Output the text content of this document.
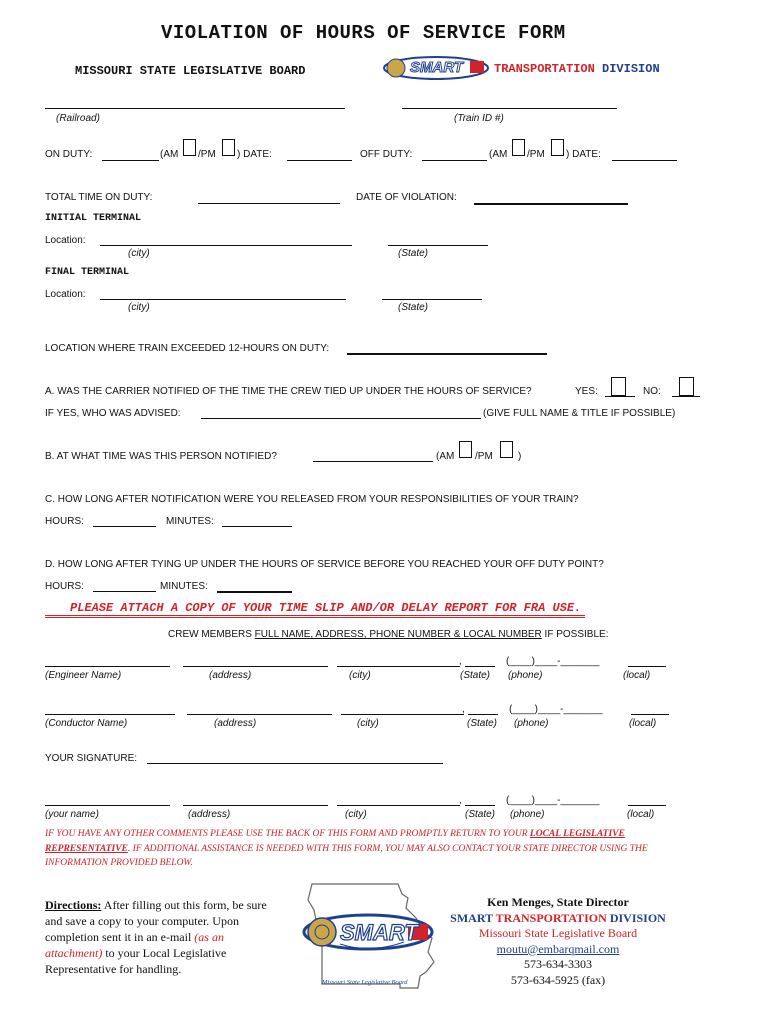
VIOLATION OF HOURS OF SERVICE FORM
MISSOURI STATE LEGISLATIVE BOARD	SMART	TRANSPORTATION DIVISION
(Railroad)	(Train ID #)
ON DUTY:	(AM /PM ) DATE:	OFF DUTY:	(AM /PM ) DATE:
TOTAL TIME ON DUTY:	DATE OF VIOLATION:
INITIAL TERMINAL
Location:
(city)	(State)
FINAL TERMINAL
Location:
(city)	(State)
LOCATION WHERE TRAIN EXCEEDED 12-HOURS ON DUTY:
A. WAS THE CARRIER NOTIFIED OF THE TIME THE CREW TIED UP UNDER THE HOURS OF SERVICE?	YES:	NO:
IF YES, WHO WAS ADVISED:	(GIVE FULL NAME & TITLE IF POSSIBLE)
B. AT WHAT TIME WAS THIS PERSON NOTIFIED?	(AM /PM	)
C. HOW LONG AFTER NOTIFICATION WERE YOU RELEASED FROM YOUR RESPONSIBILITIES OF YOUR TRAIN?
HOURS:	MINUTES:
D. HOW LONG AFTER TYING UP UNDER THE HOURS OF SERVICE BEFORE YOU REACHED YOUR OFF DUTY POINT?
HOURS:	MINUTES:
PLEASE ATTACH A COPY OF YOUR TIME SLIP AND/OR DELAY REPORT FOR FRA USE.
CREW MEMBERS FULL NAME, ADDRESS, PHONE NUMBER & LOCAL NUMBER IF POSSIBLE:
,	(____)____-_______
(Engineer Name)	(address)	(city)	(State) (phone)	(local)
,	(____)____-_______
(Conductor Name)	(address)	(city)	(State) (phone)	(local)
YOUR SIGNATURE:
,	(____)____-_______
(your name)	(address)	(city)	(State) (phone)	(local)
IF YOU HAVE ANY OTHER COMMENTS PLEASE USE THE BACK OF THIS FORM AND PROMPTLY RETURN TO YOUR LOCAL LEGISLATIVE
REPRESENTATIVE. IF ADDITIONAL ASSISTANCE IS NEEDED WITH THIS FORM, YOU MAY ALSO CONTACT YOUR STATE DIRECTOR USING THE
INFORMATION PROVIDED BELOW.
Directions: After filling out this form, be sure
and save a copy to your computer. Upon
completion sent it in an e-mail (as an
attachment) to your Local Legislative
Representative for handling.
SMART
Missouri State Legislative Board
Ken Menges, State Director
SMART TRANSPORTATION DIVISION
Missouri State Legislative Board
moutu@embarqmail.com
573-634-3303
573-634-5925 (fax)
